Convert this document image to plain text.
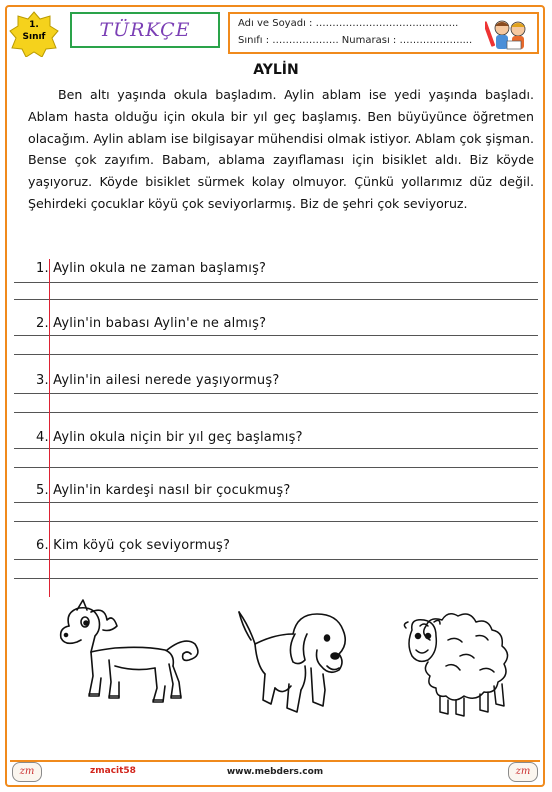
1.
Sınıf	TÜRKÇE	Adı ve Soyadı : …………………………..………..
Sınıfı : ……………….. Numarası : ………………....
AYLİN

Ben altı yaşında okula başladım. Aylin ablam ise yedi yaşında başladı. Ablam hasta olduğu için okula bir yıl geç başlamış. Ben büyüyünce öğretmen olacağım. Aylin ablam ise bilgisayar mühendisi olmak istiyor. Ablam çok şişman. Bense çok zayıfım. Babam, ablama zayıflaması için bisiklet aldı. Biz köyde yaşıyoruz. Köyde bisiklet sürmek kolay olmuyor. Çünkü yollarımız düz değil. Şehirdeki çocuklar köyü çok seviyorlarmış. Biz de şehri çok seviyoruz.

1. Aylin okula ne zaman başlamış?
2. Aylin'in babası Aylin'e ne almış?
3. Aylin'in ailesi nerede yaşıyormuş?
4. Aylin okula niçin bir yıl geç başlamış?
5. Aylin'in kardeşi nasıl bir çocukmuş?
6. Kim köyü çok seviyormuş?
zm	zmacit58	www.mebders.com	zm
